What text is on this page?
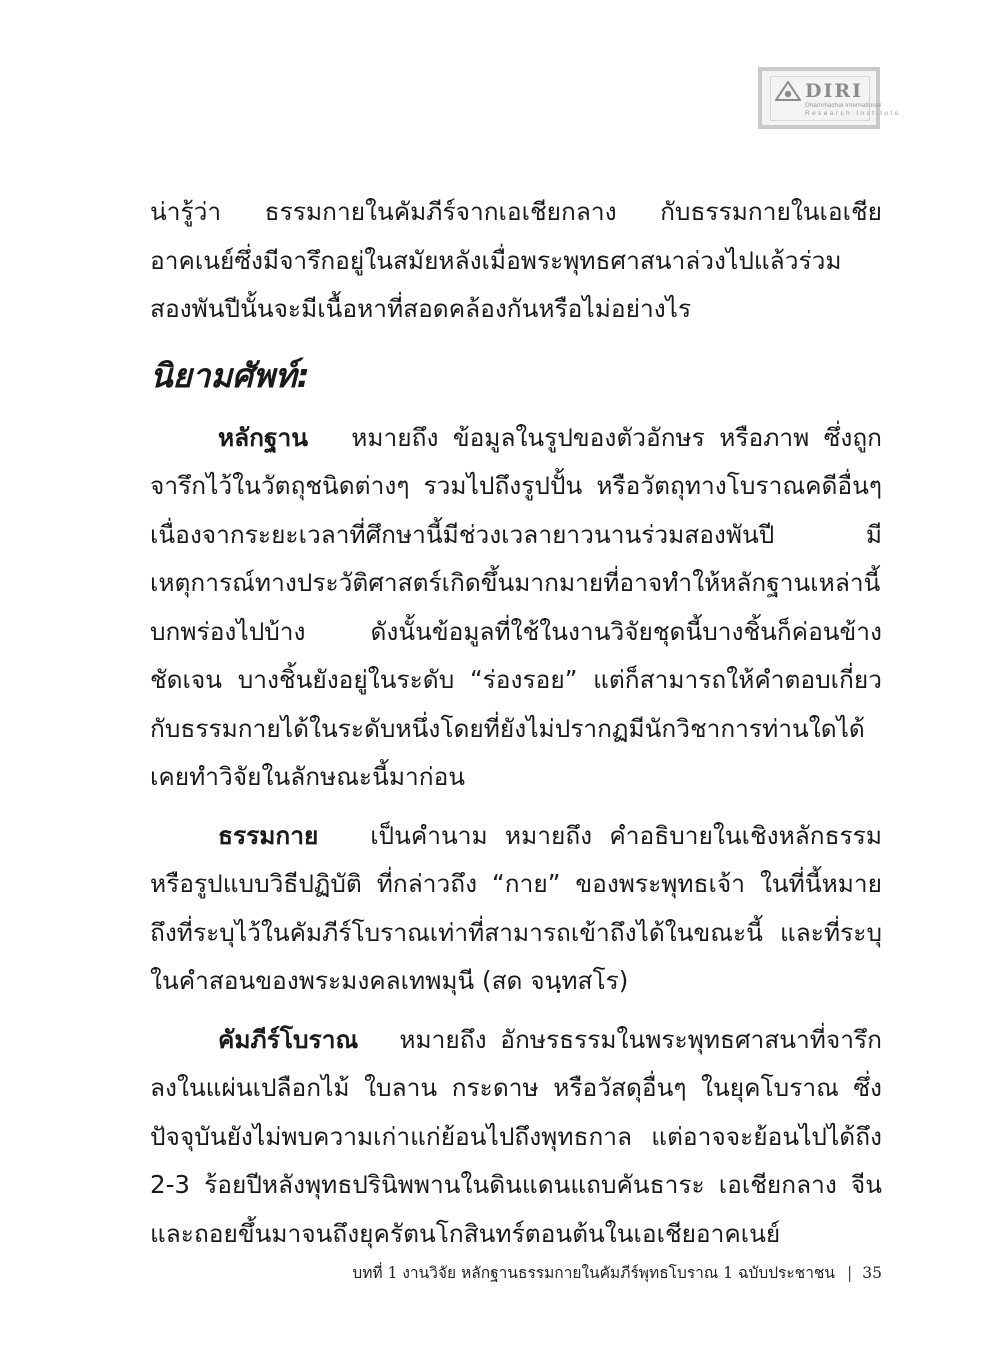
DIRI
Dhammachai International
Research Institute

น่ารู้ว่า ธรรมกายในคัมภีร์จากเอเชียกลาง กับธรรมกายในเอเชียอาคเนย์ซึ่งมีจารึกอยู่ในสมัยหลังเมื่อพระพุทธศาสนาล่วงไปแล้วร่วมสองพันปีนั้นจะมีเนื้อหาที่สอดคล้องกันหรือไม่อย่างไร

นิยามศัพท์:

หลักฐาน หมายถึง ข้อมูลในรูปของตัวอักษร หรือภาพ ซึ่งถูกจารึกไว้ในวัตถุชนิดต่างๆ รวมไปถึงรูปปั้น หรือวัตถุทางโบราณคดีอื่นๆ เนื่องจากระยะเวลาที่ศึกษานี้มีช่วงเวลายาวนานร่วมสองพันปี มีเหตุการณ์ทางประวัติศาสตร์เกิดขึ้นมากมายที่อาจทำให้หลักฐานเหล่านี้บกพร่องไปบ้าง ดังนั้นข้อมูลที่ใช้ในงานวิจัยชุดนี้บางชิ้นก็ค่อนข้างชัดเจน บางชิ้นยังอยู่ในระดับ “ร่องรอย” แต่ก็สามารถให้คำตอบเกี่ยวกับธรรมกายได้ในระดับหนึ่งโดยที่ยังไม่ปรากฏมีนักวิชาการท่านใดได้เคยทำวิจัยในลักษณะนี้มาก่อน

ธรรมกาย เป็นคำนาม หมายถึง คำอธิบายในเชิงหลักธรรม หรือรูปแบบวิธีปฏิบัติ ที่กล่าวถึง “กาย” ของพระพุทธเจ้า ในที่นี้หมายถึงที่ระบุไว้ในคัมภีร์โบราณเท่าที่สามารถเข้าถึงได้ในขณะนี้ และที่ระบุในคำสอนของพระมงคลเทพมุนี (สด จนฺทสโร)

คัมภีร์โบราณ หมายถึง อักษรธรรมในพระพุทธศาสนาที่จารึกลงในแผ่นเปลือกไม้ ใบลาน กระดาษ หรือวัสดุอื่นๆ ในยุคโบราณ ซึ่งปัจจุบันยังไม่พบความเก่าแก่ย้อนไปถึงพุทธกาล แต่อาจจะย้อนไปได้ถึง 2-3 ร้อยปีหลังพุทธปรินิพพานในดินแดนแถบคันธาระ เอเชียกลาง จีน และถอยขึ้นมาจนถึงยุครัตนโกสินทร์ตอนต้นในเอเชียอาคเนย์

บทที่ 1 งานวิจัย หลักฐานธรรมกายในคัมภีร์พุทธโบราณ 1 ฉบับประชาชน | 35
